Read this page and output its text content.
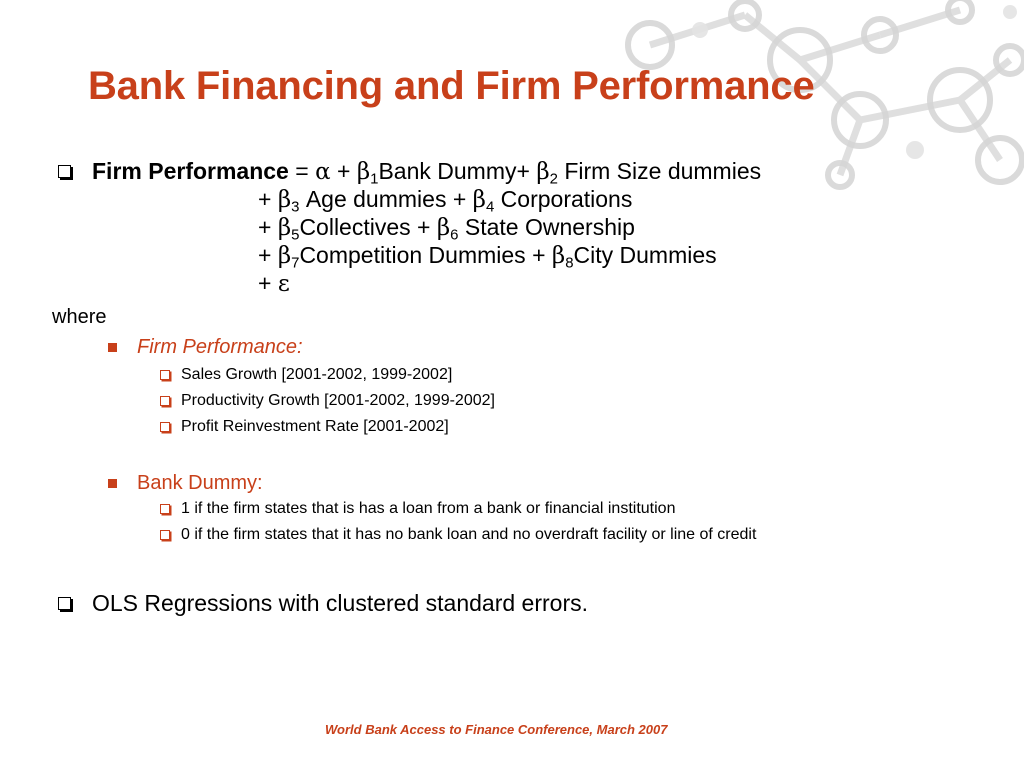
Bank Financing and Firm Performance
Firm Performance = $\alpha + \beta_1Bank$ Dummy+ $\beta_2$ Firm Size dummies
+ $\beta_3$ Age dummies + $\beta_4$ Corporations
+ $\beta_5Collectives + \beta_6$ State Ownership
+ $\beta_7Competition$ Dummies + $\beta_8City$ Dummies
+ ε
where
Firm Performance:
Sales Growth [2001-2002, 1999-2002]
Productivity Growth [2001-2002, 1999-2002]
Profit Reinvestment Rate [2001-2002]
Bank Dummy:
1 if the firm states that is has a loan from a bank or financial institution
0 if the firm states that it has no bank loan and no overdraft facility or line of credit
OLS Regressions with clustered standard errors.
World Bank Access to Finance Conference, March 2007
